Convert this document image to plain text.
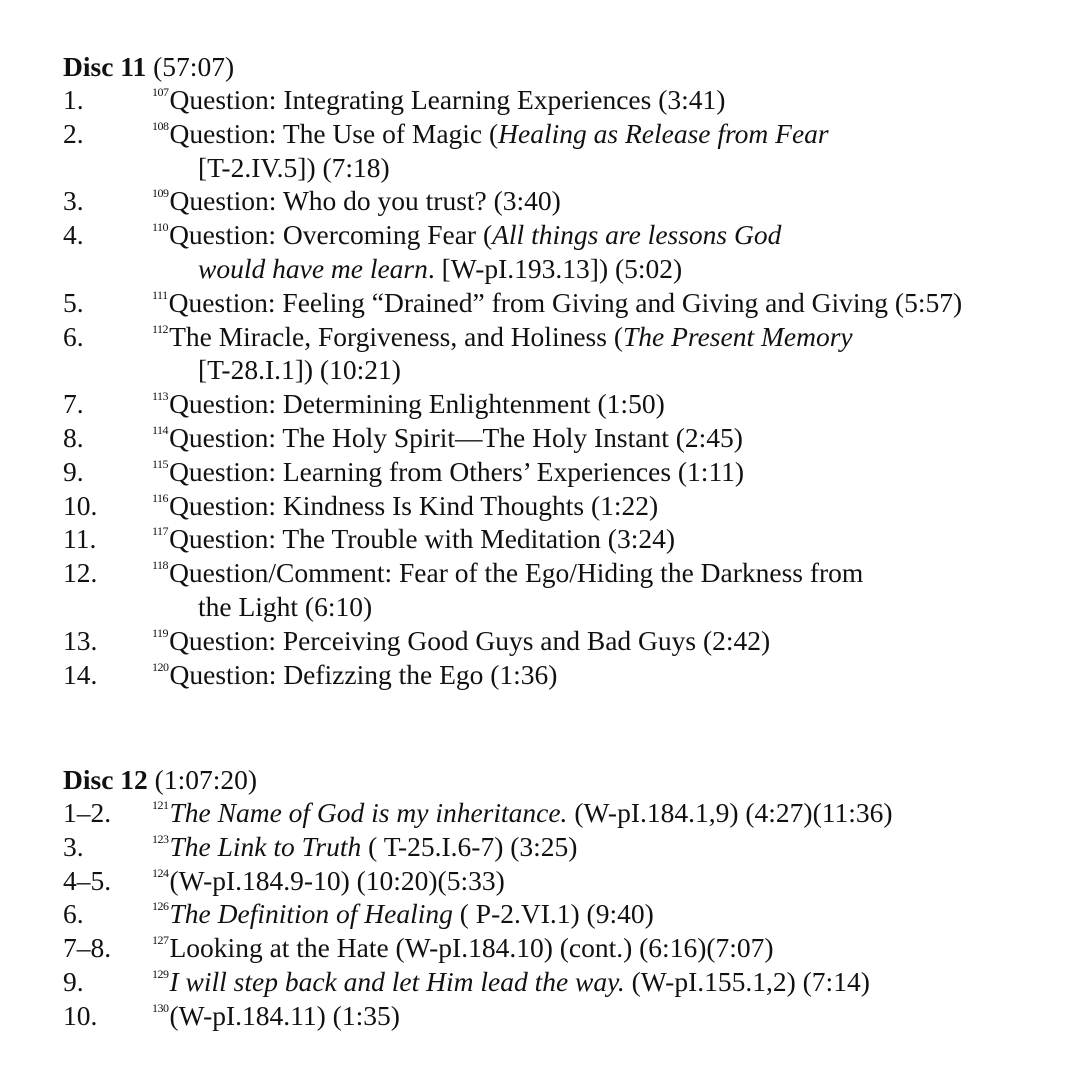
Disc 11 (57:07)
1.	$^{107}$Question: Integrating Learning Experiences (3:41)
2.	$^{108}$Question: The Use of Magic (Healing as Release from Fear
[T-2.IV.5]) (7:18)
3.	$^{109}$Question: Who do you trust? (3:40)
4.	$^{110}$Question: Overcoming Fear (All things are lessons God
would have me learn. [W-pI.193.13]) (5:02)
5.	$^{111}$Question: Feeling “Drained” from Giving and Giving and Giving (5:57)
6.	$^{112}$The Miracle, Forgiveness, and Holiness (The Present Memory
[T-28.I.1]) (10:21)
7.	$^{113}$Question: Determining Enlightenment (1:50)
8.	$^{114}$Question: The Holy Spirit—The Holy Instant (2:45)
9.	$^{115}$Question: Learning from Others’ Experiences (1:11)
10.	$^{116}$Question: Kindness Is Kind Thoughts (1:22)
11.	$^{117}$Question: The Trouble with Meditation (3:24)
12.	$^{118}$Question/Comment: Fear of the Ego/Hiding the Darkness from
the Light (6:10)
13.	$^{119}$Question: Perceiving Good Guys and Bad Guys (2:42)
14.	$^{120}$Question: Defizzing the Ego (1:36)
Disc 12 (1:07:20)
1–2.	$^{121}$The Name of God is my inheritance. (W-pI.184.1,9) (4:27)(11:36)
3.	$^{123}$The Link to Truth ( T-25.I.6-7) (3:25)
4–5.	$^{124}$(W-pI.184.9-10) (10:20)(5:33)
6.	$^{126}$The Definition of Healing ( P-2.VI.1) (9:40)
7–8.	$^{127}$Looking at the Hate (W-pI.184.10) (cont.) (6:16)(7:07)
9.	$^{129}$I will step back and let Him lead the way. (W-pI.155.1,2) (7:14)
10.	$^{130}$(W-pI.184.11) (1:35)
